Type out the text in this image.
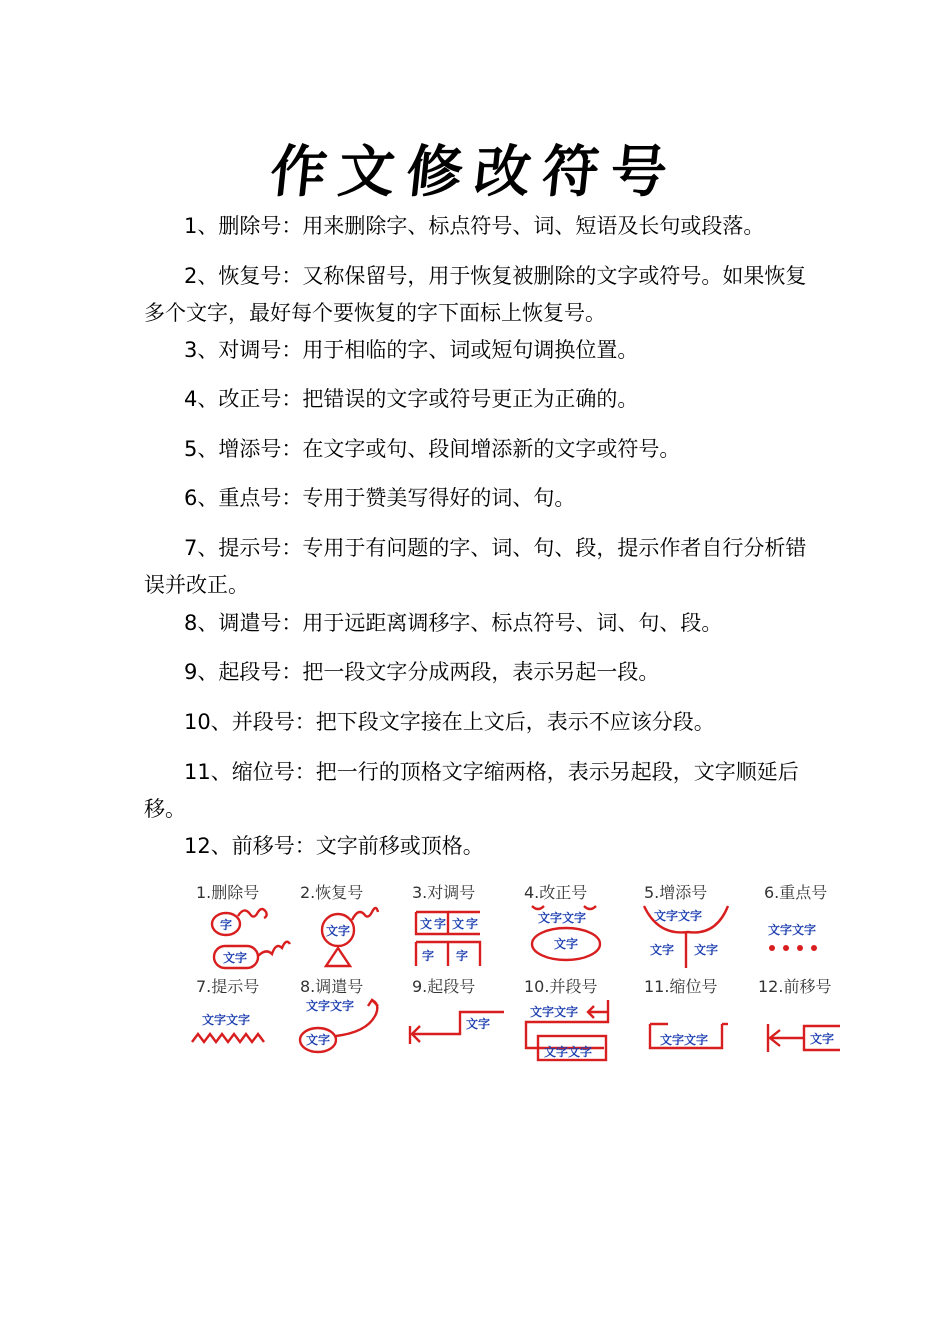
作文修改符号

1、删除号：用来删除字、标点符号、词、短语及长句或段落。

2、恢复号：又称保留号，用于恢复被删除的文字或符号。如果恢复多个文字，最好每个要恢复的字下面标上恢复号。

3、对调号：用于相临的字、词或短句调换位置。

4、改正号：把错误的文字或符号更正为正确的。

5、增添号：在文字或句、段间增添新的文字或符号。

6、重点号：专用于赞美写得好的词、句。

7、提示号：专用于有问题的字、词、句、段，提示作者自行分析错误并改正。

8、调遣号：用于远距离调移字、标点符号、词、句、段。

9、起段号：把一段文字分成两段，表示另起一段。

10、并段号：把下段文字接在上文后，表示不应该分段。

11、缩位号：把一行的顶格文字缩两格，表示另起段，文字顺延后移。

12、前移号：文字前移或顶格。

1.删除号	2.恢复号	3.对调号	4.改正号	5.增添号	6.重点号
7.提示号	8.调遣号	9.起段号	10.并段号	11.缩位号	12.前移号
字
文字
文字	文 字 文 字
字 字
文字文字
文字
文字文字
文字 文字
文字文字
文字文字
文字文字
文字
文字
文字文字
文字文字
文字文字	文字
